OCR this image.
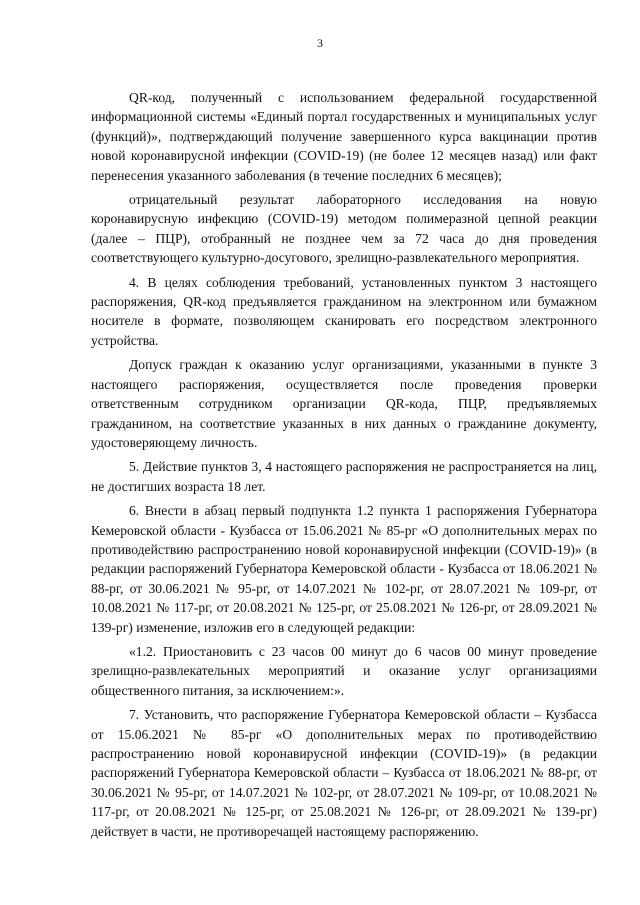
3

QR-код, полученный с использованием федеральной государственной информационной системы «Единый портал государственных и муниципальных услуг (функций)», подтверждающий получение завершенного курса вакцинации против новой коронавирусной инфекции (COVID-19) (не более 12 месяцев назад) или факт перенесения указанного заболевания (в течение последних 6 месяцев);

отрицательный результат лабораторного исследования на новую коронавирусную инфекцию (COVID-19) методом полимеразной цепной реакции (далее – ПЦР), отобранный не позднее чем за 72 часа до дня проведения соответствующего культурно-досугового, зрелищно-развлекательного мероприятия.

4. В целях соблюдения требований, установленных пунктом 3 настоящего распоряжения, QR-код предъявляется гражданином на электронном или бумажном носителе в формате, позволяющем сканировать его посредством электронного устройства.

Допуск граждан к оказанию услуг организациями, указанными в пункте 3 настоящего распоряжения, осуществляется после проведения проверки ответственным сотрудником организации QR-кода, ПЦР, предъявляемых гражданином, на соответствие указанных в них данных о гражданине документу, удостоверяющему личность.

5. Действие пунктов 3, 4 настоящего распоряжения не распространяется на лиц, не достигших возраста 18 лет.

6. Внести в абзац первый подпункта 1.2 пункта 1 распоряжения Губернатора Кемеровской области - Кузбасса от 15.06.2021 № 85-рг «О дополнительных мерах по противодействию распространению новой коронавирусной инфекции (COVID-19)» (в редакции распоряжений Губернатора Кемеровской области - Кузбасса от 18.06.2021 № 88-рг, от 30.06.2021 № 95-рг, от 14.07.2021 № 102-рг, от 28.07.2021 № 109-рг, от 10.08.2021 № 117-рг, от 20.08.2021 № 125-рг, от 25.08.2021 № 126-рг, от 28.09.2021 № 139-рг) изменение, изложив его в следующей редакции:

«1.2. Приостановить с 23 часов 00 минут до 6 часов 00 минут проведение зрелищно-развлекательных мероприятий и оказание услуг организациями общественного питания, за исключением:».

7. Установить, что распоряжение Губернатора Кемеровской области – Кузбасса от 15.06.2021 № 85-рг «О дополнительных мерах по противодействию распространению новой коронавирусной инфекции (COVID-19)» (в редакции распоряжений Губернатора Кемеровской области – Кузбасса от 18.06.2021 № 88-рг, от 30.06.2021 № 95-рг, от 14.07.2021 № 102-рг, от 28.07.2021 № 109-рг, от 10.08.2021 № 117-рг, от 20.08.2021 № 125-рг, от 25.08.2021 № 126-рг, от 28.09.2021 № 139-рг) действует в части, не противоречащей настоящему распоряжению.
